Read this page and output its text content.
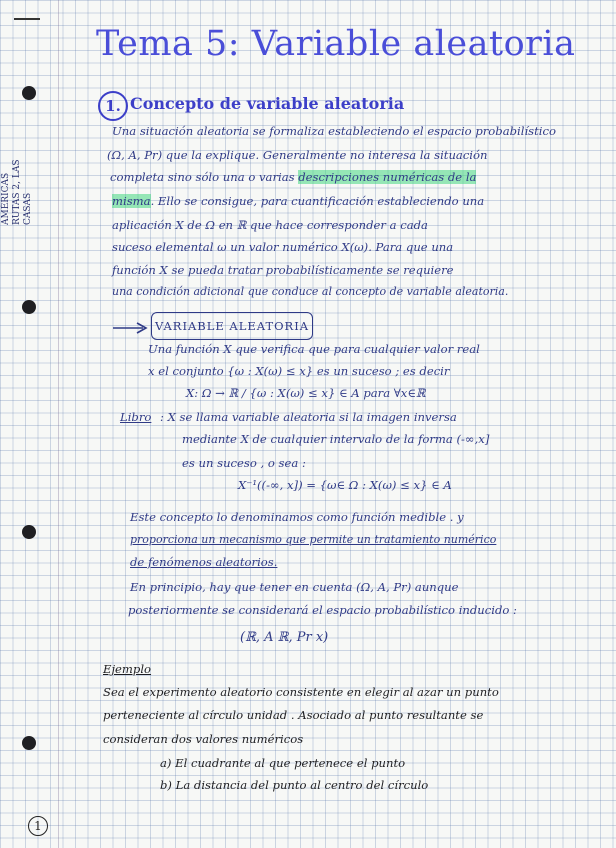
AMÉRICAS RUTAS 2, LAS CASAS
Tema 5: Variable aleatoria
1. Concepto de variable aleatoria
Una situación aleatoria se formaliza estableciendo el espacio probabilístico
(Ω, A, Pr) que la explique. Generalmente no interesa la situación
completa sino sólo una o varias descripciones numéricas de la
misma. Ello se consigue, para cuantificación estableciendo una
aplicación X de Ω en ℝ que hace corresponder a cada
suceso elemental ω un valor numérico X(ω). Para que una
función X se pueda tratar probabilísticamente se requiere
una condición adicional que conduce al concepto de variable aleatoria.
VARIABLE ALEATORIA
Una función X que verifica que para cualquier valor real
x el conjunto {ω : X(ω) ≤ x} es un suceso ; es decir
X: Ω → ℝ / {ω : X(ω) ≤ x} ∈ A para ∀x∈ℝ
Libro : X se llama variable aleatoria si la imagen inversa
mediante X de cualquier intervalo de la forma (-∞,x]
es un suceso , o sea :
X⁻¹((-∞, x]) = {ω∈ Ω : X(ω) ≤ x} ∈ A
Este concepto lo denominamos como función medible . y
proporciona un mecanismo que permite un tratamiento numérico
de fenómenos aleatorios.
En principio, hay que tener en cuenta (Ω, A, Pr) aunque
posteriormente se considerará el espacio probabilístico inducido :
(ℝ, A ℝ, Pr x)
Ejemplo
Sea el experimento aleatorio consistente en elegir al azar un punto
perteneciente al círculo unidad . Asociado al punto resultante se
consideran dos valores numéricos
a) El cuadrante al que pertenece el punto
b) La distancia del punto al centro del círculo
1
